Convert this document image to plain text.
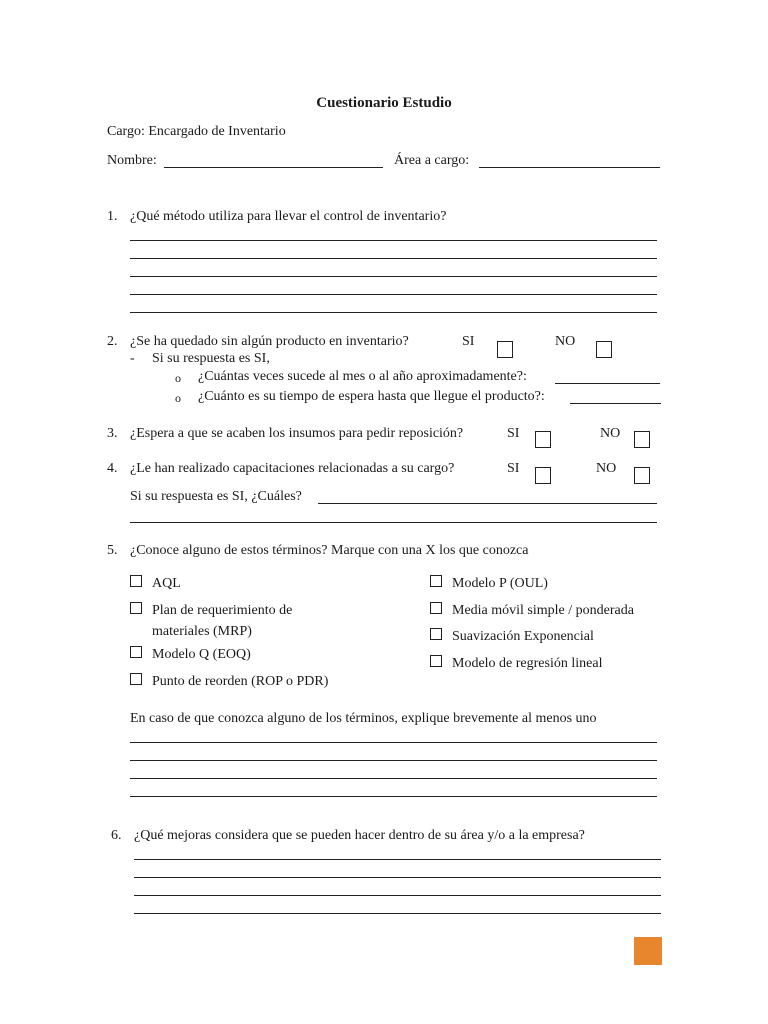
Cuestionario Estudio
Cargo: Encargado de Inventario
Nombre:	Área a cargo:
1. ¿Qué método utiliza para llevar el control de inventario?
2. ¿Se ha quedado sin algún producto en inventario?	SI	NO
- Si su respuesta es SI,
o ¿Cuántas veces sucede al mes o al año aproximadamente?:
o ¿Cuánto es su tiempo de espera hasta que llegue el producto?:
3. ¿Espera a que se acaben los insumos para pedir reposición?	SI	NO
4. ¿Le han realizado capacitaciones relacionadas a su cargo?	SI	NO
Si su respuesta es SI, ¿Cuáles?
5. ¿Conoce alguno de estos términos? Marque con una X los que conozca
AQL
Plan de requerimiento de
materiales (MRP)
Modelo Q (EOQ)
Punto de reorden (ROP o PDR)
Modelo P (OUL)
Media móvil simple / ponderada
Suavización Exponencial
Modelo de regresión lineal
En caso de que conozca alguno de los términos, explique brevemente al menos uno
6. ¿Qué mejoras considera que se pueden hacer dentro de su área y/o a la empresa?
